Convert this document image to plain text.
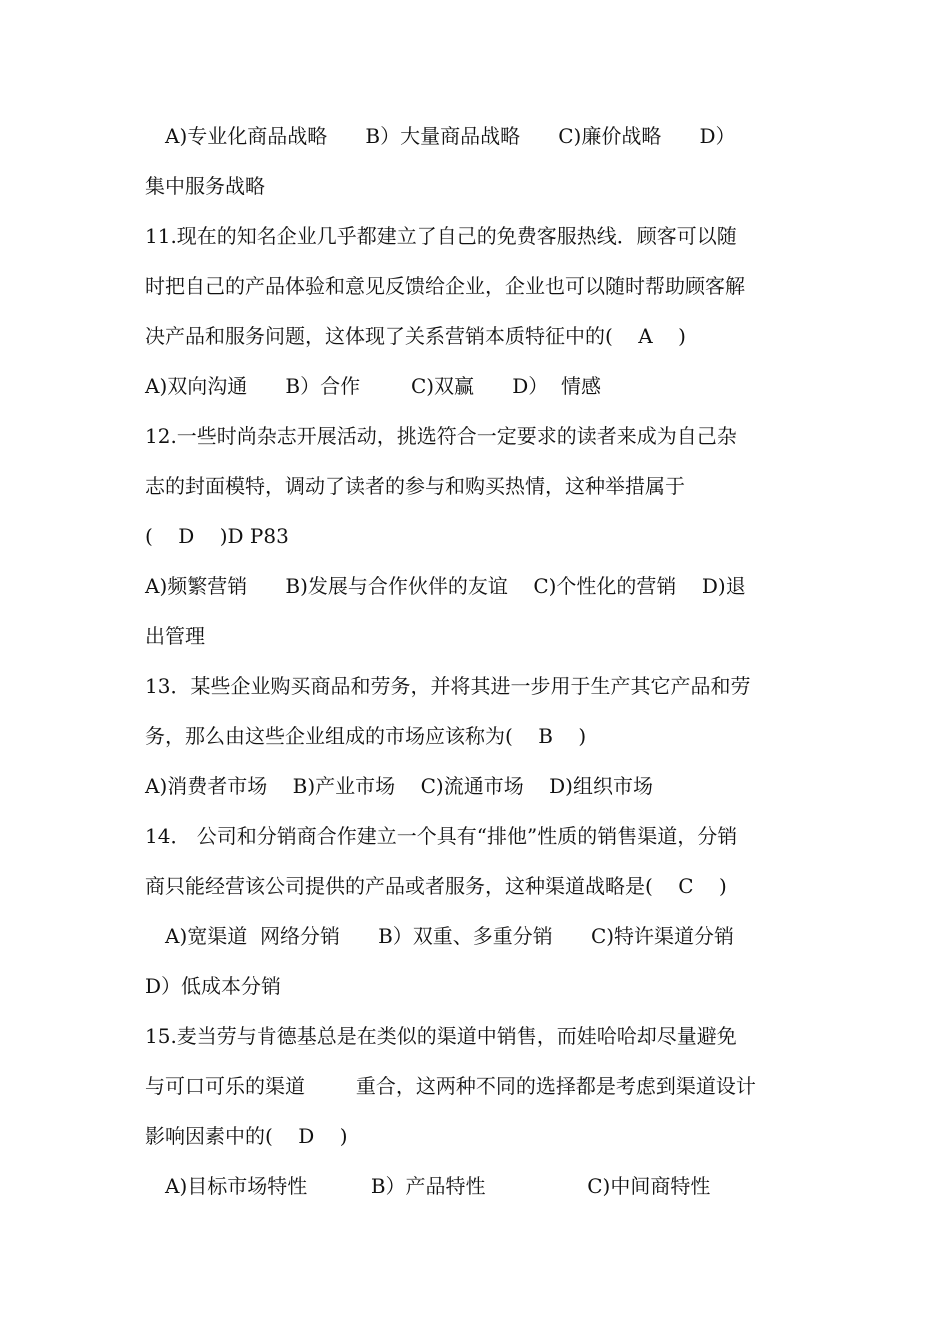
A)专业化商品战略      B）大量商品战略      C)廉价战略      D）
集中服务战略
11.现在的知名企业几乎都建立了自己的免费客服热线．顾客可以随
时把自己的产品体验和意见反馈给企业，企业也可以随时帮助顾客解
决产品和服务问题，这体现了关系营销本质特征中的(    A    )
A)双向沟通      B）合作        C)双赢      D）  情感
12.一些时尚杂志开展活动，挑选符合一定要求的读者来成为自己杂
志的封面模特，调动了读者的参与和购买热情，这种举措属于
(    D    )D P83
A)频繁营销      B)发展与合作伙伴的友谊    C)个性化的营销    D)退
出管理
13．某些企业购买商品和劳务，并将其进一步用于生产其它产品和劳
务，那么由这些企业组成的市场应该称为(    B    )
A)消费者市场    B)产业市场    C)流通市场    D)组织市场
14． 公司和分销商合作建立一个具有“排他”性质的销售渠道，分销
商只能经营该公司提供的产品或者服务，这种渠道战略是(    C    )
A)宽渠道  网络分销      B）双重、多重分销      C)特许渠道分销
D）低成本分销
15.麦当劳与肯德基总是在类似的渠道中销售，而娃哈哈却尽量避免
与可口可乐的渠道        重合，这两种不同的选择都是考虑到渠道设计
影响因素中的(    D    )
A)目标市场特性          B）产品特性                C)中间商特性
